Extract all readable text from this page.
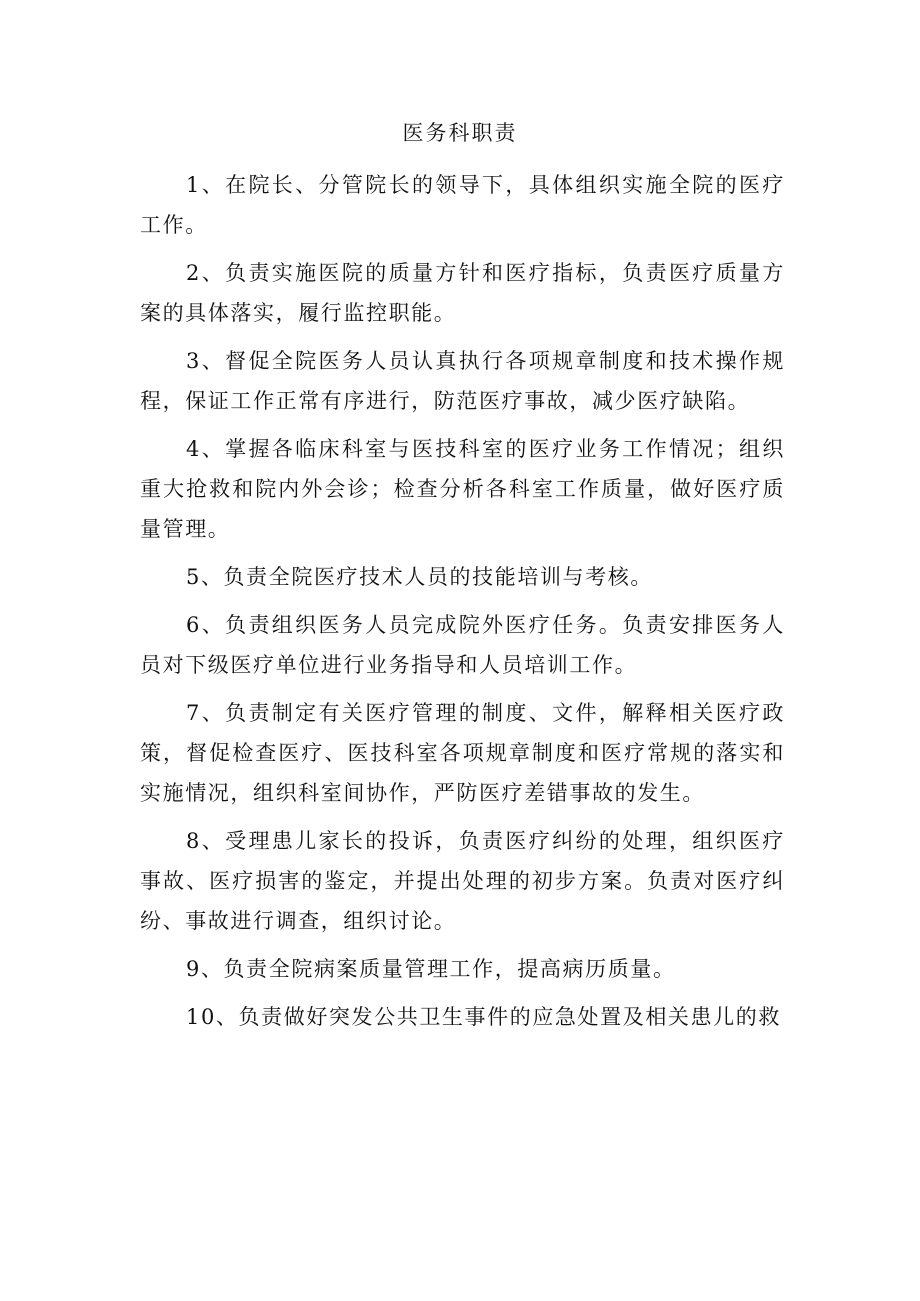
医务科职责

1、在院长、分管院长的领导下，具体组织实施全院的医疗工作。

2、负责实施医院的质量方针和医疗指标，负责医疗质量方案的具体落实，履行监控职能。

3、督促全院医务人员认真执行各项规章制度和技术操作规程，保证工作正常有序进行，防范医疗事故，减少医疗缺陷。

4、掌握各临床科室与医技科室的医疗业务工作情况；组织重大抢救和院内外会诊；检查分析各科室工作质量，做好医疗质量管理。

5、负责全院医疗技术人员的技能培训与考核。

6、负责组织医务人员完成院外医疗任务。负责安排医务人员对下级医疗单位进行业务指导和人员培训工作。

7、负责制定有关医疗管理的制度、文件，解释相关医疗政策，督促检查医疗、医技科室各项规章制度和医疗常规的落实和实施情况，组织科室间协作，严防医疗差错事故的发生。

8、受理患儿家长的投诉，负责医疗纠纷的处理，组织医疗事故、医疗损害的鉴定，并提出处理的初步方案。负责对医疗纠纷、事故进行调查，组织讨论。

9、负责全院病案质量管理工作，提高病历质量。

10、负责做好突发公共卫生事件的应急处置及相关患儿的救
